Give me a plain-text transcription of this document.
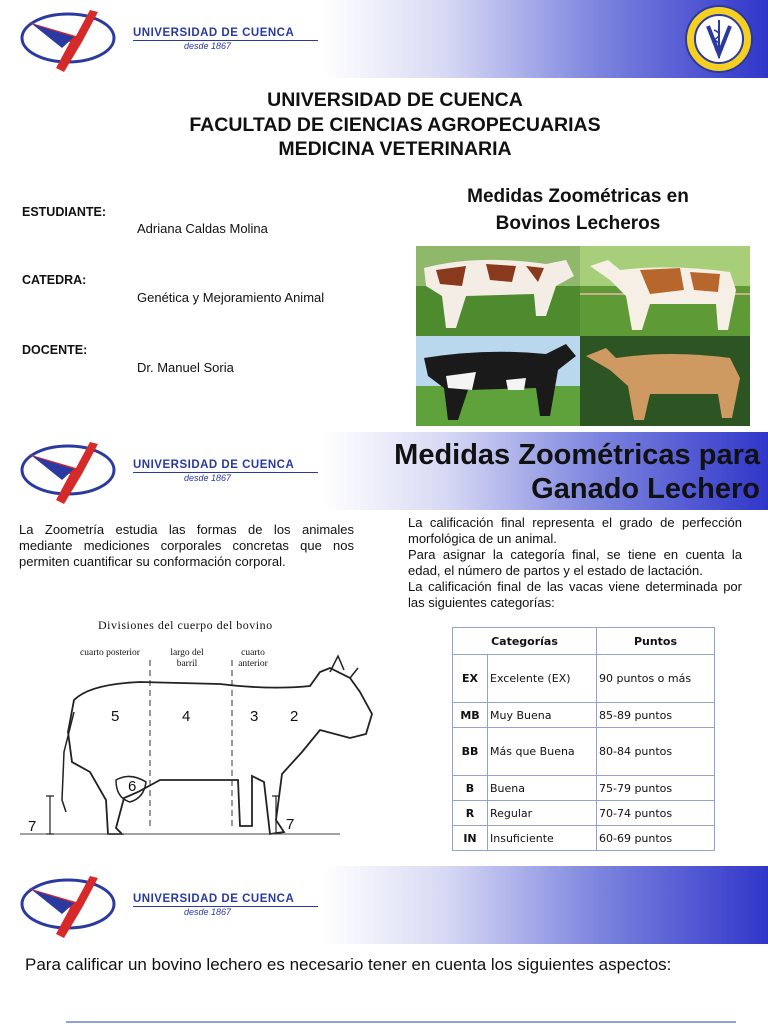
UNIVERSIDAD DE CUENCA
desde 1867
UNIVERSIDAD DE CUENCA
FACULTAD DE CIENCIAS AGROPECUARIAS
MEDICINA VETERINARIA
ESTUDIANTE:
Adriana Caldas Molina
CATEDRA:
Genética y Mejoramiento Animal
DOCENTE:
Dr. Manuel Soria
Medidas Zoométricas en
Bovinos Lecheros
UNIVERSIDAD DE CUENCA
desde 1867
Medidas Zoométricas para
Ganado Lechero
La Zoometría estudia las formas de los animales mediante mediciones corporales concretas que nos permiten cuantificar su conformación corporal.
La calificación final representa el grado de perfección morfológica de un animal.
Para asignar la categoría final, se tiene en cuenta la edad, el número de partos y el estado de lactación.
La calificación final de las vacas viene determinada por las siguientes categorías:
Divisiones del cuerpo del bovino
cuarto posterior	largo del barril
cuarto anterior
5	4	3 2
6
7	7
Categorías		Puntos
EX	Excelente (EX)	90 puntos o más
MB	Muy Buena	85-89 puntos
BB	Más que Buena	80-84 puntos
B	Buena	75-79 puntos
R	Regular	70-74 puntos
IN	Insuficiente	60-69 puntos
UNIVERSIDAD DE CUENCA
desde 1867
Para calificar un bovino lechero es necesario tener en cuenta los siguientes aspectos:
